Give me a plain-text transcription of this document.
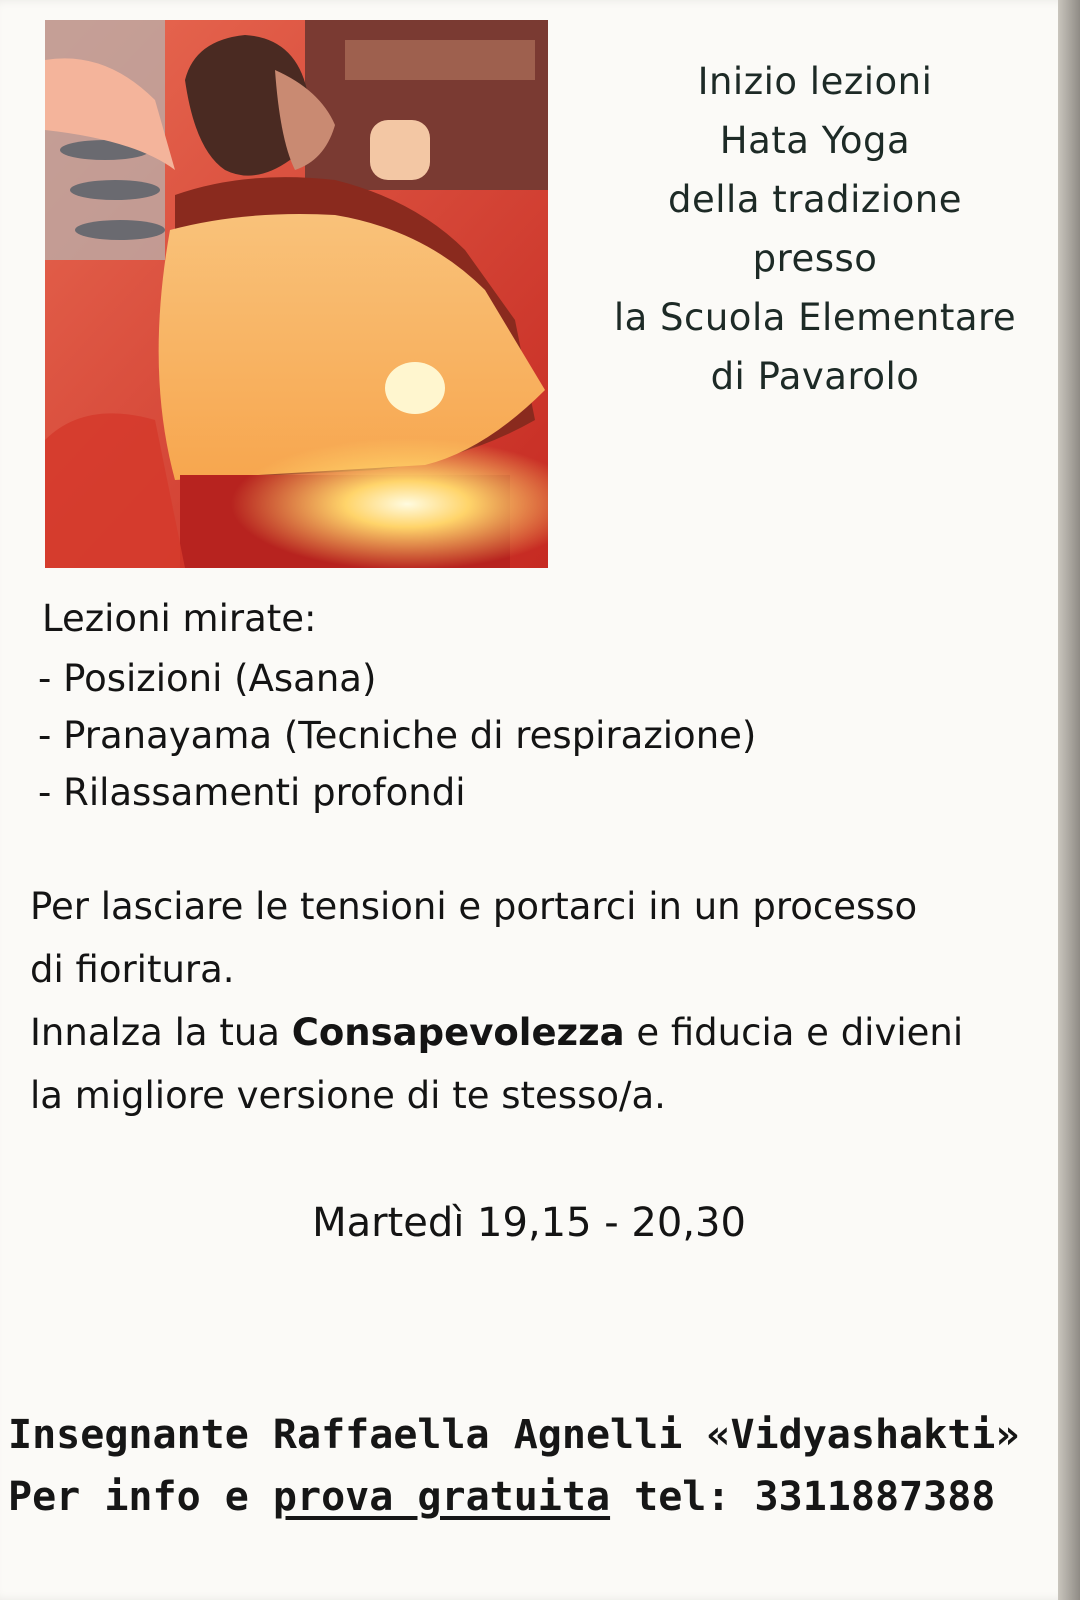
Inizio lezioni
Hata Yoga
della tradizione
presso
la Scuola Elementare
di Pavarolo

Lezioni mirate:

- Posizioni (Asana)
- Pranayama (Tecniche di respirazione)
- Rilassamenti profondi

Per lasciare le tensioni e portarci in un processo
di fioritura.
Innalza la tua Consapevolezza e fiducia e divieni
la migliore versione di te stesso/a.

Martedì 19,15 - 20,30

Insegnante Raffaella Agnelli «Vidyashakti»

Per info e prova gratuita tel: 3311887388
